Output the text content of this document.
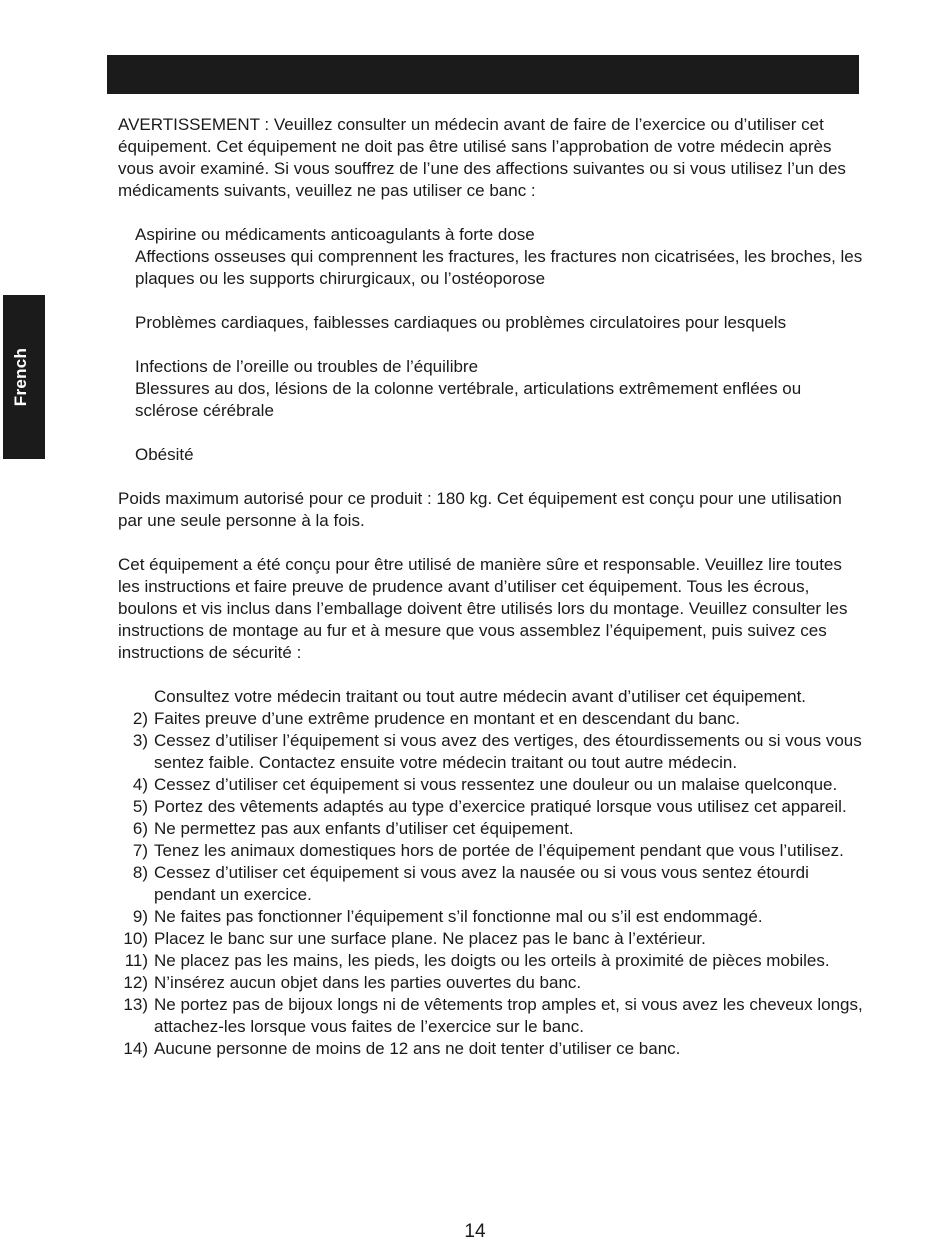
French

AVERTISSEMENT : Veuillez consulter un médecin avant de faire de l’exercice ou d’utiliser cet équipement. Cet équipement ne doit pas être utilisé sans l’approbation de votre médecin après vous avoir examiné. Si vous souffrez de l’une des affections suivantes ou si vous utilisez l’un des médicaments suivants, veuillez ne pas utiliser ce banc :

Aspirine ou médicaments anticoagulants à forte dose

Affections osseuses qui comprennent les fractures, les fractures non cicatrisées, les broches, les plaques ou les supports chirurgicaux, ou l’ostéoporose

Problèmes cardiaques, faiblesses cardiaques ou problèmes circulatoires pour lesquels

Infections de l’oreille ou troubles de l’équilibre

Blessures au dos, lésions de la colonne vertébrale, articulations extrêmement enflées ou sclérose cérébrale

Obésité

Poids maximum autorisé pour ce produit : 180 kg. Cet équipement est conçu pour une utilisation par une seule personne à la fois.

Cet équipement a été conçu pour être utilisé de manière sûre et responsable. Veuillez lire toutes les instructions et faire preuve de prudence avant d’utiliser cet équipement. Tous les écrous, boulons et vis inclus dans l’emballage doivent être utilisés lors du montage. Veuillez consulter les instructions de montage au fur et à mesure que vous assemblez l’équipement, puis suivez ces instructions de sécurité :

Consultez votre médecin traitant ou tout autre médecin avant d’utiliser cet équipement.
2) Faites preuve d’une extrême prudence en montant et en descendant du banc.
3) Cessez d’utiliser l’équipement si vous avez des vertiges, des étourdissements ou si vous vous sentez faible. Contactez ensuite votre médecin traitant ou tout autre médecin.
4) Cessez d’utiliser cet équipement si vous ressentez une douleur ou un malaise quelconque.
5) Portez des vêtements adaptés au type d’exercice pratiqué lorsque vous utilisez cet appareil.
6) Ne permettez pas aux enfants d’utiliser cet équipement.
7) Tenez les animaux domestiques hors de portée de l’équipement pendant que vous l’utilisez.
8) Cessez d’utiliser cet équipement si vous avez la nausée ou si vous vous sentez étourdi pendant un exercice.
9) Ne faites pas fonctionner l’équipement s’il fonctionne mal ou s’il est endommagé.
10) Placez le banc sur une surface plane. Ne placez pas le banc à l’extérieur.
11) Ne placez pas les mains, les pieds, les doigts ou les orteils à proximité de pièces mobiles.
12) N’insérez aucun objet dans les parties ouvertes du banc.
13) Ne portez pas de bijoux longs ni de vêtements trop amples et, si vous avez les cheveux longs, attachez-les lorsque vous faites de l’exercice sur le banc.
14) Aucune personne de moins de 12 ans ne doit tenter d’utiliser ce banc.
14
